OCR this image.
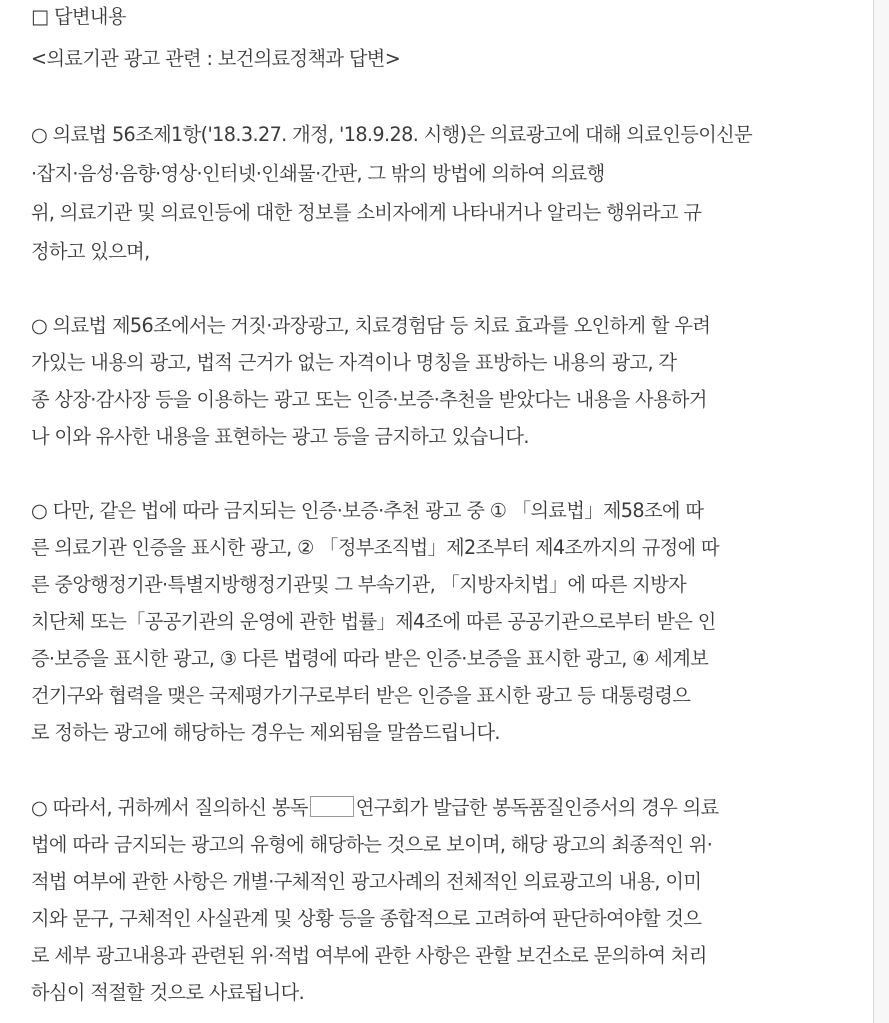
□ 답변내용
<의료기관 광고 관련 : 보건의료정책과 답변>
○ 의료법 56조제1항('18.3.27. 개정, '18.9.28. 시행)은 의료광고에 대해 의료인등이신문
·잡지·음성·음향·영상·인터넷·인쇄물·간판, 그 밖의 방법에 의하여 의료행
위, 의료기관 및 의료인등에 대한 정보를 소비자에게 나타내거나 알리는 행위라고 규
정하고 있으며,
○ 의료법 제56조에서는 거짓·과장광고, 치료경험담 등 치료 효과를 오인하게 할 우려
가있는 내용의 광고, 법적 근거가 없는 자격이나 명칭을 표방하는 내용의 광고, 각
종 상장·감사장 등을 이용하는 광고 또는 인증·보증·추천을 받았다는 내용을 사용하거
나 이와 유사한 내용을 표현하는 광고 등을 금지하고 있습니다.
○ 다만, 같은 법에 따라 금지되는 인증·보증·추천 광고 중 ① 「의료법」제58조에 따
른 의료기관 인증을 표시한 광고, ② 「정부조직법」제2조부터 제4조까지의 규정에 따
른 중앙행정기관·특별지방행정기관및 그 부속기관, 「지방자치법」에 따른 지방자
치단체 또는「공공기관의 운영에 관한 법률」제4조에 따른 공공기관으로부터 받은 인
증·보증을 표시한 광고, ③ 다른 법령에 따라 받은 인증·보증을 표시한 광고, ④ 세계보
건기구와 협력을 맺은 국제평가기구로부터 받은 인증을 표시한 광고 등 대통령령으
로 정하는 광고에 해당하는 경우는 제외됨을 말씀드립니다.
○ 따라서, 귀하께서 질의하신 봉독	연구회가 발급한 봉독품질인증서의 경우 의료
법에 따라 금지되는 광고의 유형에 해당하는 것으로 보이며, 해당 광고의 최종적인 위·
적법 여부에 관한 사항은 개별·구체적인 광고사례의 전체적인 의료광고의 내용, 이미
지와 문구, 구체적인 사실관계 및 상황 등을 종합적으로 고려하여 판단하여야할 것으
로 세부 광고내용과 관련된 위·적법 여부에 관한 사항은 관할 보건소로 문의하여 처리
하심이 적절할 것으로 사료됩니다.
